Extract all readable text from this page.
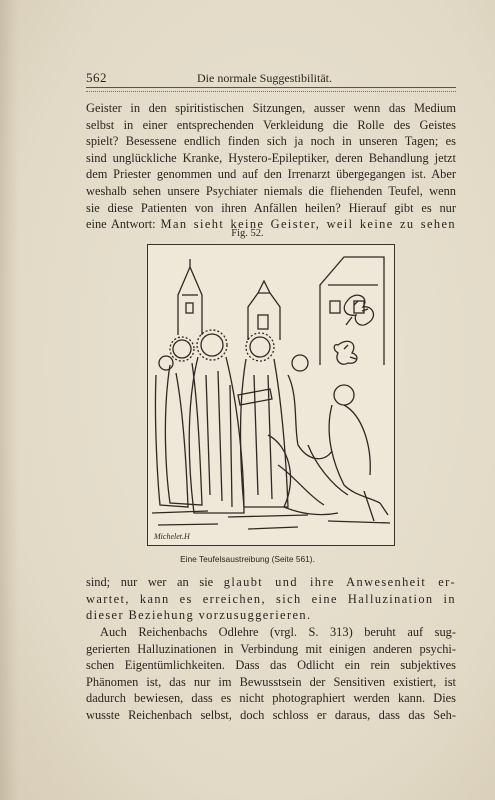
562	Die normale Suggestibilität.
Geister in den spiritistischen Sitzungen, ausser wenn das Medium
selbst in einer entsprechenden Verkleidung die Rolle des Geistes
spielt? Besessene endlich finden sich ja noch in unseren Tagen; es
sind unglückliche Kranke, Hystero-Epileptiker, deren Behandlung jetzt
dem Priester genommen und auf den Irrenarzt übergegangen ist. Aber
weshalb sehen unsere Psychiater niemals die fliehenden Teufel, wenn
sie diese Patienten von ihren Anfällen heilen? Hierauf gibt es nur
eine Antwort: Man sieht keine Geister, weil keine zu sehen
Fig. 52.
Michelet.H
Eine Teufelsaustreibung (Seite 561).
sind; nur wer an sie glaubt und ihre Anwesenheit er-
wartet, kann es erreichen, sich eine Halluzination in
dieser Beziehung vorzusuggerieren.
Auch Reichenbachs Odlehre (vrgl. S. 313) beruht auf sug-
gerierten Halluzinationen in Verbindung mit einigen anderen psychi-
schen Eigentümlichkeiten. Dass das Odlicht ein rein subjektives
Phänomen ist, das nur im Bewusstsein der Sensitiven existiert, ist
dadurch bewiesen, dass es nicht photographiert werden kann. Dies
wusste Reichenbach selbst, doch schloss er daraus, dass das Seh-
